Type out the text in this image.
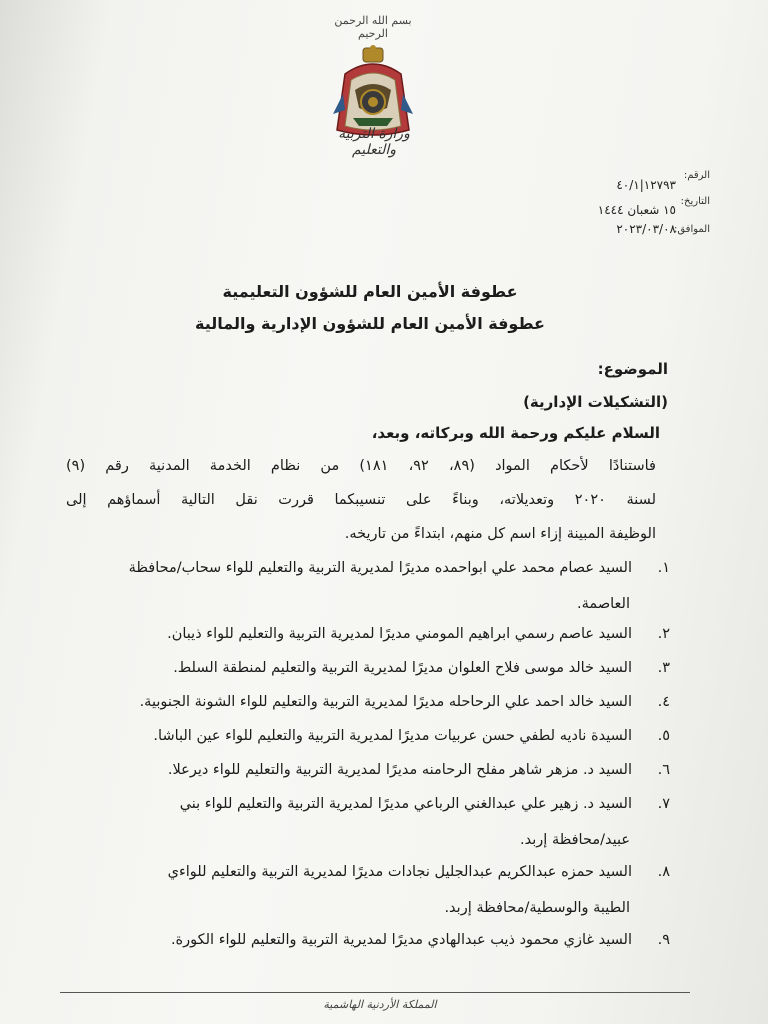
بسم الله الرحمن الرحيم
وزارة التربية والتعليم
الرقم:
التاريخ:
الموافق:
١٢٧٩٣|٤٠/١
١٥ شعبان ١٤٤٤
٢٠٢٣/٠٣/٠٨
عطوفة الأمين العام للشؤون التعليمية
عطوفة الأمين العام للشؤون الإدارية والمالية
الموضوع:
(التشكيلات الإدارية)
السلام عليكم ورحمة الله وبركاته، وبعد،
فاستنادًا لأحكام المواد (٨٩، ٩٢، ١٨١) من نظام الخدمة المدنية رقم (٩)
لسنة ٢٠٢٠ وتعديلاته، وبناءً على تنسيبكما قررت نقل التالية أسماؤهم إلى
الوظيفة المبينة إزاء اسم كل منهم، ابتداءً من تاريخه.
١.
السيد عصام محمد علي ابواحمده مديرًا لمديرية التربية والتعليم للواء سحاب/محافظة
العاصمة.
٢.
السيد عاصم رسمي ابراهيم المومني مديرًا لمديرية التربية والتعليم للواء ذيبان.
٣.
السيد خالد موسى فلاح العلوان مديرًا لمديرية التربية والتعليم لمنطقة السلط.
٤.
السيد خالد احمد علي الرحاحله مديرًا لمديرية التربية والتعليم للواء الشونة الجنوبية.
٥.
السيدة ناديه لطفي حسن عربيات مديرًا لمديرية التربية والتعليم للواء عين الباشا.
٦.
السيد د. مزهر شاهر مفلح الرحامنه مديرًا لمديرية التربية والتعليم للواء ديرعلا.
٧.
السيد د. زهير علي عبدالغني الرباعي مديرًا لمديرية التربية والتعليم للواء بني
عبيد/محافظة إربد.
٨.
السيد حمزه عبدالكريم عبدالجليل نجادات مديرًا لمديرية التربية والتعليم للواءي
الطيبة والوسطية/محافظة إربد.
٩.
السيد غازي محمود ذيب عبدالهادي مديرًا لمديرية التربية والتعليم للواء الكورة.
المملكة الأردنية الهاشمية
